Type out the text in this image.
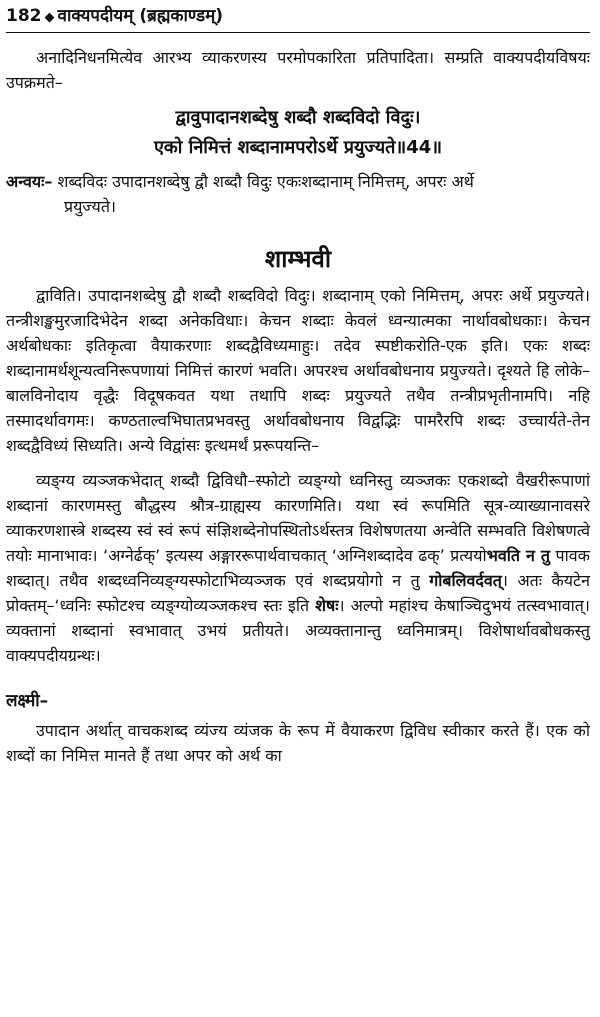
182 ◆ वाक्यपदीयम् (ब्रह्मकाण्डम्)

अनादिनिधनमित्येव आरभ्य व्याकरणस्य परमोपकारिता प्रतिपादिता। सम्प्रति वाक्यपदीयविषयः उपक्रमते–

द्वावुपादानशब्देषु शब्दौ शब्दविदो विदुः।
एको निमित्तं शब्दानामपरोऽर्थे प्रयुज्यते॥44॥

अन्वयः– शब्दविदः उपादानशब्देषु द्वौ शब्दौ विदुः एकःशब्दानाम् निमित्तम्, अपरः अर्थे
प्रयुज्यते।

शाम्भवी

द्वाविति। उपादानशब्देषु द्वौ शब्दौ शब्दविदो विदुः। शब्दानाम् एको निमित्तम्, अपरः अर्थे प्रयुज्यते। तन्त्रीशङ्खमुरजादिभेदेन शब्दा अनेकविधाः। केचन शब्दाः केवलं ध्वन्यात्मका नार्थावबोधकाः। केचन अर्थबोधकाः इतिकृत्वा वैयाकरणाः शब्दद्वैविध्यमाहुः। तदेव स्पष्टीकरोति-एक इति। एकः शब्दः शब्दानामर्थशून्यत्वनिरूपणायां निमित्तं कारणं भवति। अपरश्च अर्थावबोधनाय प्रयुज्यते। दृश्यते हि लोके–बालविनोदाय वृद्धैः विदूषकवत यथा तथापि शब्दः प्रयुज्यते तथैव तन्त्रीप्रभृतीनामपि। नहि तस्मादर्थावगमः। कण्ठताल्वभिघातप्रभवस्तु अर्थावबोधनाय विद्वद्भिः पामरैरपि शब्दः उच्चार्यते-तेन शब्दद्वैविध्यं सिध्यति। अन्ये विद्वांसः इत्थमर्थं प्ररूपयन्ति–

व्यङ्ग्य व्यञ्जकभेदात् शब्दौ द्विविधौ–स्फोटो व्यङ्ग्यो ध्वनिस्तु व्यञ्जकः एकशब्दो वैखरीरूपाणां शब्दानां कारणमस्तु बौद्धस्य श्रौत्र-ग्राह्यस्य कारणमिति। यथा स्वं रूपमिति सूत्र-व्याख्यानावसरे व्याकरणशास्त्रे शब्दस्य स्वं स्वं रूपं संज्ञिशब्देनोपस्थितोऽर्थस्तत्र विशेषणतया अन्वेति सम्भवति विशेषणत्वे तयोः मानाभावः। ‘अग्नेर्ढक्’ इत्यस्य अङ्गाररूपार्थवाचकात् ‘अग्निशब्दादेव ढक्’ प्रत्ययोभवति न तु पावक शब्दात्। तथैव शब्दध्वनिव्यङ्ग्यस्फोटाभिव्यञ्जक एवं शब्दप्रयोगो न तु गोबलिवर्दवत्। अतः कैयटेन प्रोक्तम्–‘ध्वनिः स्फोटश्च व्यङ्ग्योव्यञ्जकश्च स्तः इति शेषः। अल्पो महांश्च केषाञ्चिदुभयं तत्स्वभावात्। व्यक्तानां शब्दानां स्वभावात् उभयं प्रतीयते। अव्यक्तानान्तु ध्वनिमात्रम्। विशेषार्थावबोधकस्तु वाक्यपदीयग्रन्थः।

लक्ष्मी–

उपादान अर्थात् वाचकशब्द व्यंज्य व्यंजक के रूप में वैयाकरण द्विविध स्वीकार करते हैं। एक को शब्दों का निमित्त मानते हैं तथा अपर को अर्थ का
